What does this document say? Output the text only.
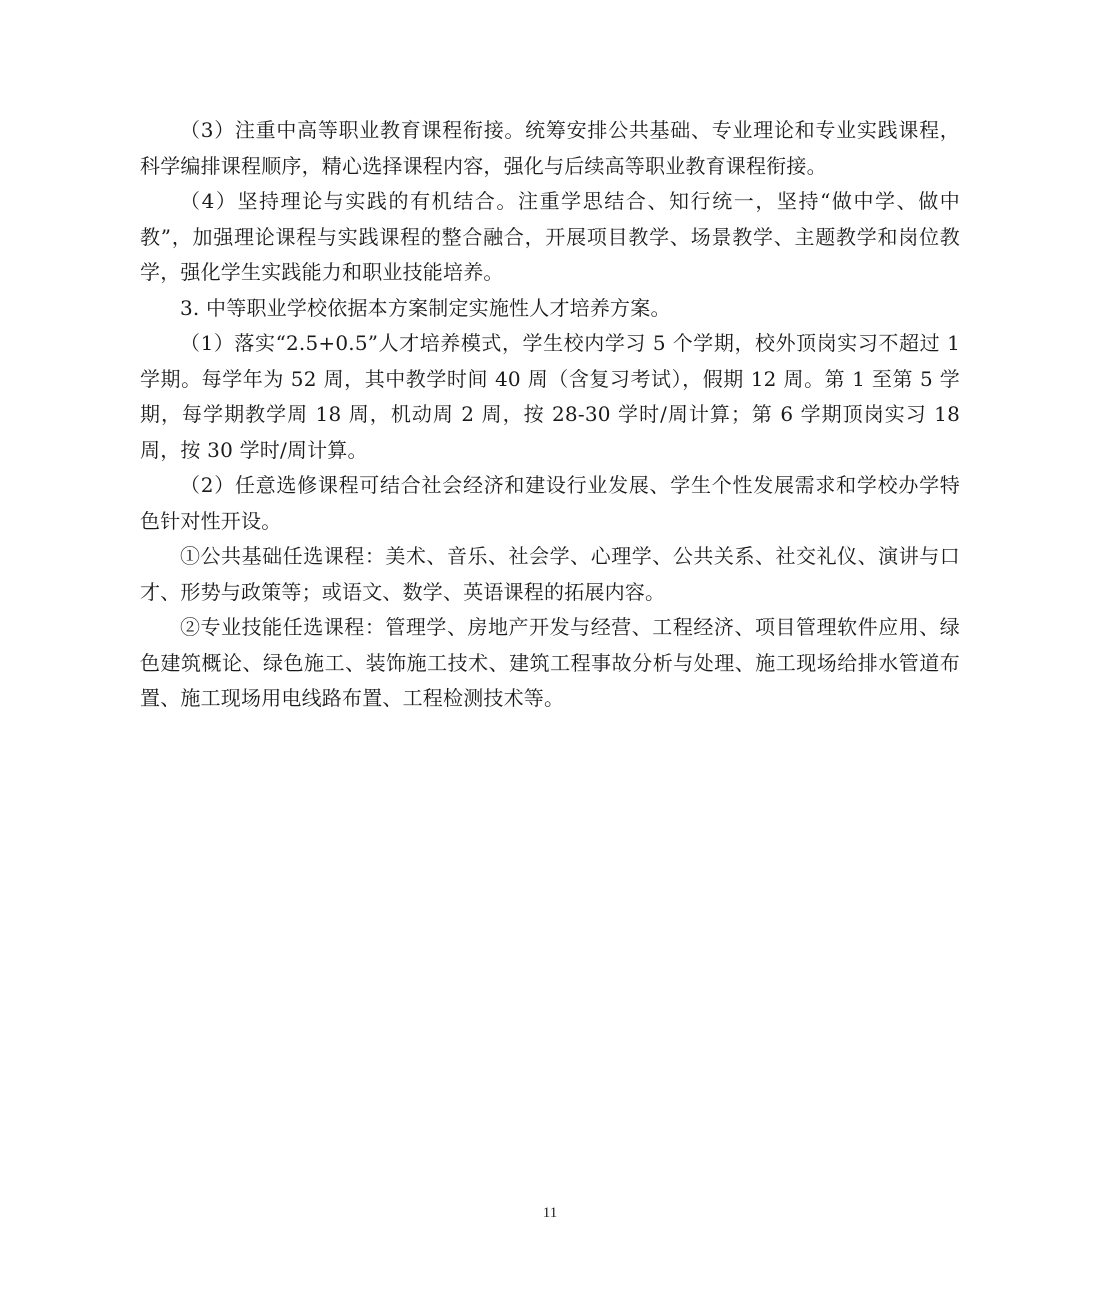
（3）注重中高等职业教育课程衔接。统筹安排公共基础、专业理论和专业实践课程，科学编排课程顺序，精心选择课程内容，强化与后续高等职业教育课程衔接。

（4）坚持理论与实践的有机结合。注重学思结合、知行统一，坚持“做中学、做中教”，加强理论课程与实践课程的整合融合，开展项目教学、场景教学、主题教学和岗位教学，强化学生实践能力和职业技能培养。

3. 中等职业学校依据本方案制定实施性人才培养方案。

（1）落实“2.5+0.5”人才培养模式，学生校内学习 5 个学期，校外顶岗实习不超过 1 学期。每学年为 52 周，其中教学时间 40 周（含复习考试），假期 12 周。第 1 至第 5 学期，每学期教学周 18 周，机动周 2 周，按 28-30 学时/周计算；第 6 学期顶岗实习 18 周，按 30 学时/周计算。

（2）任意选修课程可结合社会经济和建设行业发展、学生个性发展需求和学校办学特色针对性开设。

①公共基础任选课程：美术、音乐、社会学、心理学、公共关系、社交礼仪、演讲与口才、形势与政策等；或语文、数学、英语课程的拓展内容。

②专业技能任选课程：管理学、房地产开发与经营、工程经济、项目管理软件应用、绿色建筑概论、绿色施工、装饰施工技术、建筑工程事故分析与处理、施工现场给排水管道布置、施工现场用电线路布置、工程检测技术等。

11
